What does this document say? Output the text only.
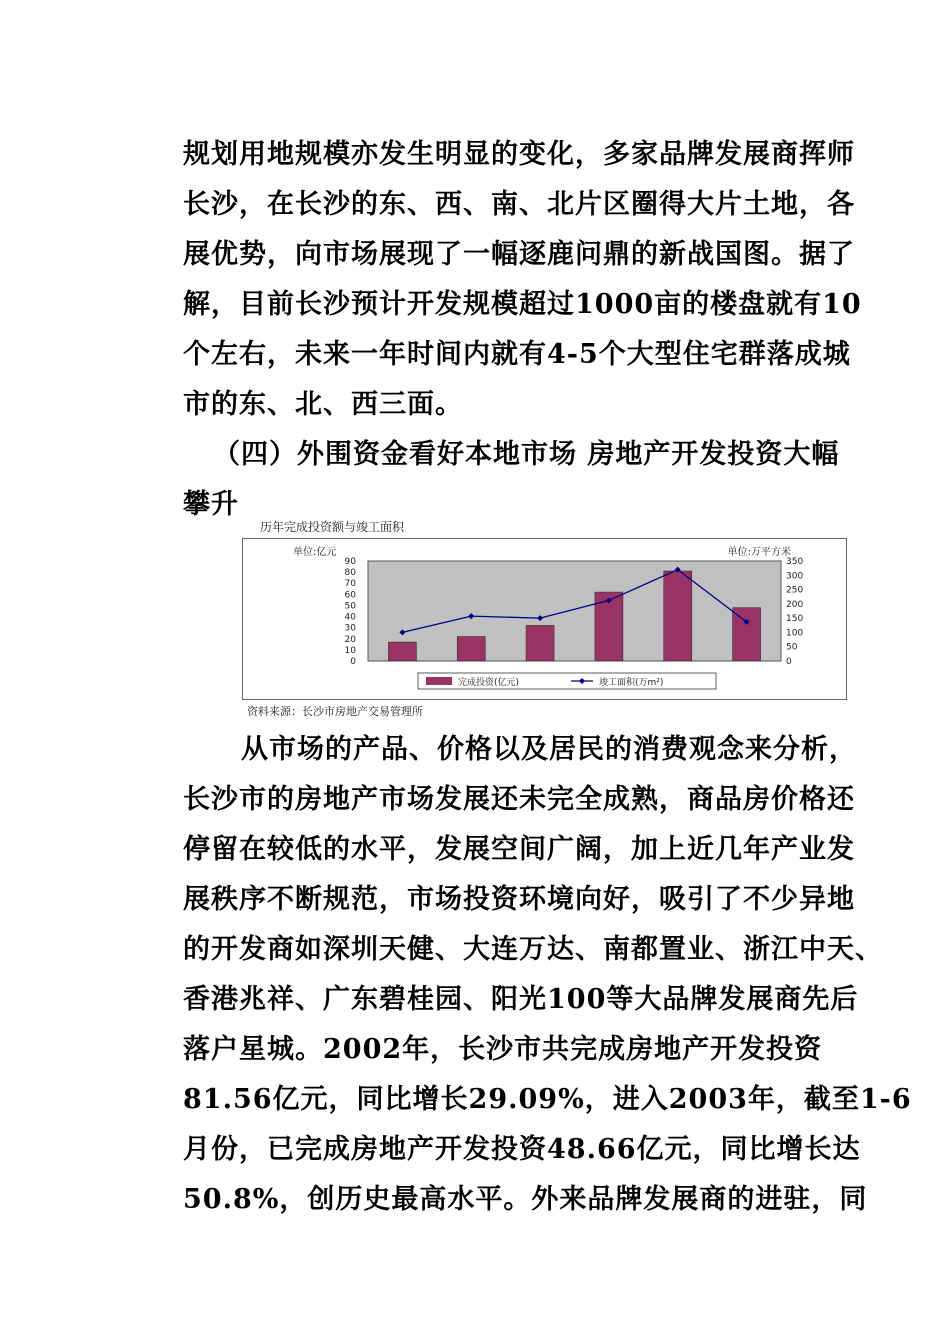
规划用地规模亦发生明显的变化，多家品牌发展商挥师
长沙，在长沙的东、西、南、北片区圈得大片土地，各
展优势，向市场展现了一幅逐鹿问鼎的新战国图。据了
解，目前长沙预计开发规模超过1000亩的楼盘就有10
个左右，未来一年时间内就有4-5个大型住宅群落成城
市的东、北、西三面。
（四）外围资金看好本地市场 房地产开发投资大幅
攀升
历年完成投资额与竣工面积
单位:亿元	单位:万平方米
0
10
20
30
40
50
60
70
80
90
0
50
100
150
200
250
300
350
完成投资(亿元)	竣工面积(万m²)
资料来源：长沙市房地产交易管理所
从市场的产品、价格以及居民的消费观念来分析，
长沙市的房地产市场发展还未完全成熟，商品房价格还
停留在较低的水平，发展空间广阔，加上近几年产业发
展秩序不断规范，市场投资环境向好，吸引了不少异地
的开发商如深圳天健、大连万达、南都置业、浙江中天、
香港兆祥、广东碧桂园、阳光100等大品牌发展商先后
落户星城。2002年，长沙市共完成房地产开发投资
81.56亿元，同比增长29.09%，进入2003年，截至1-6
月份，已完成房地产开发投资48.66亿元，同比增长达
50.8%，创历史最高水平。外来品牌发展商的进驻，同
